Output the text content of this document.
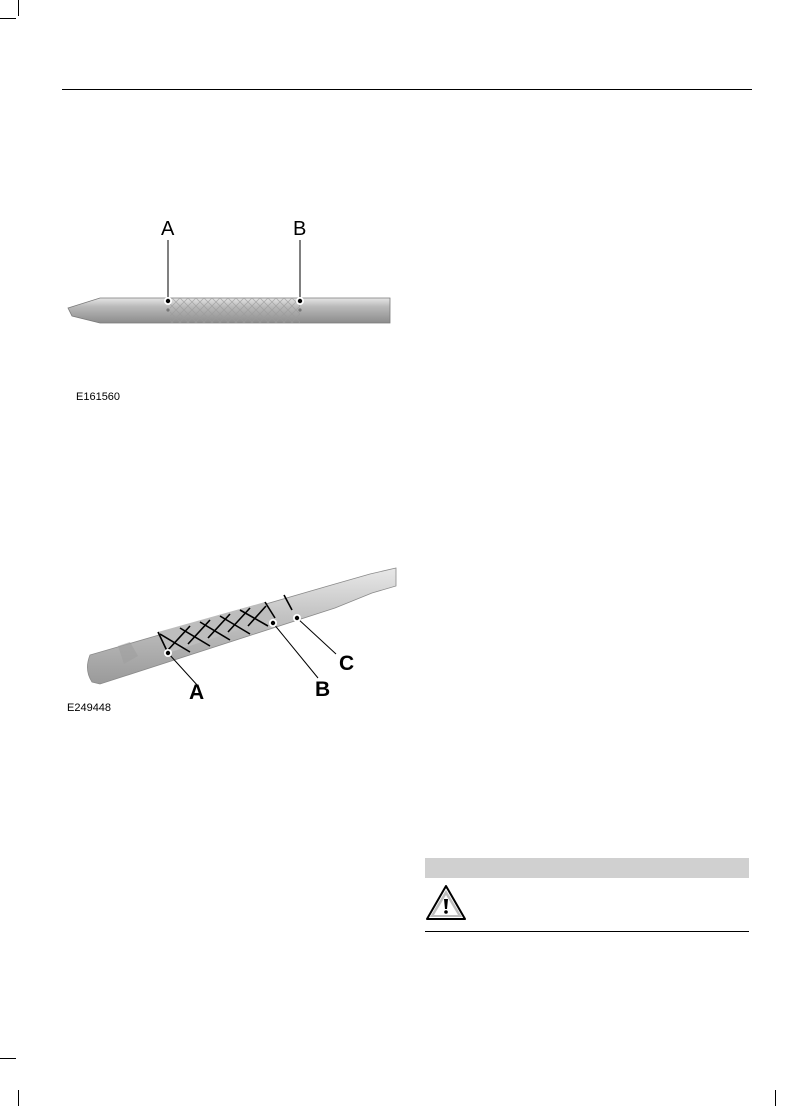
A	B
E161560
A	B
C
E249448
